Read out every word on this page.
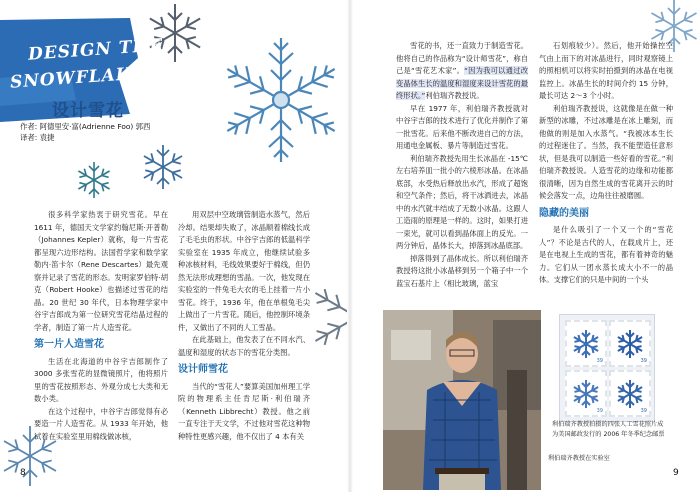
DESIGN THE
SNOWFLAKE
设计雪花
作者: 阿德里安·富(Adrienne Foo) 郭西
译者: 袁捷

很多科学家热衷于研究雪花。早在1611 年，德国天文学家约翰尼斯·开普勒（Johannes Kepler）就称，每一片雪花都呈现六边形结构。法国哲学家和数学家勒内·笛卡尔（Rene Descartes）最先观察并记录了雪花的形态。发明家罗伯特·胡克（Robert Hooke）也描述过雪花的结晶。20 世纪 30 年代，日本物理学家中谷宇吉郎成为第一位研究雪花结晶过程的学者，制造了第一片人造雪花。

第一片人造雪花

生活在北海道的中谷宇吉郎制作了3000 多张雪花的显微镜照片，他将照片里的雪花按照形态、外观分成七大类和无数小类。

在这个过程中，中谷宇吉郎觉得有必要造一片人造雪花。从 1933 年开始，他试着在实验室里用棉线做冰核，

用双层中空玻璃管制造水蒸气，然后冷却。结果却失败了，冰晶顺着棉线长成了毛毛虫的形状。中谷宇吉郎的低温科学实验室在 1935 年成立，他继续试验多种冰核材料，毛线效果要好于棉线，但仍然无法形成理想的雪晶。一次，他发现在实验室的一件兔毛大衣的毛上挂着一片小雪花。终于，1936 年，他在单根兔毛尖上做出了一片雪花。随后，他控制环境条件，又做出了不同的人工雪晶。

在此基础上，他发表了在不同水汽、温度和湿度的状态下的雪花分类图。

设计师雪花

当代的“雪花人”要算美国加州理工学院的物理系主任肯尼斯·利伯瑞齐（Kenneth Libbrecht）教授。他之前一直专注于天文学，不过他对雪花这种物种特性更感兴趣，他不仅出了 4 本有关

8

雪花的书，还一直致力于制造雪花。他将自己的作品称为“设计师雪花”，称自己是“雪花艺术家”。“因为我可以通过改变晶体生长的温度和湿度来设计雪花的最终形状。”利伯瑞齐教授说。

早在 1977 年，利伯瑞齐教授就对中谷宇吉郎的技术进行了优化并制作了第一批雪花。后来他不断改进自己的方法，用通电金属板、暴片等制造过雪花。

利伯瑞齐教授先用生长冰晶在 -15℃左右培养皿一批小的六棱形冰晶。在冰晶底部，水受热后释放出水汽，形成了超饱和空气条件；然后，将干冰洒进去，冰晶中的水汽就丰结成了无数小冰晶。这跟人工造雨的原理是一样的。这时，如果打进一束光，就可以看到晶体面上的反光。一两分钟后，晶体长大，掉落到冰晶底部。

掉落得到了晶体成长。所以利伯瑞齐教授将这批小冰晶移到另一个箱子中一个蓝宝石基片上（相比玻璃，蓝宝

石划痕较少）。然后，他开始操控空气由上而下的对冰晶进行，同时观察镜上的照相机可以将实时拍摄到的冰晶在电视监控上。冰晶生长的时间介约 15 分钟，最长可达 2～3 个小时。

利伯瑞齐教授说，这就像是在做一种新型的冰雕，不过冰雕是在冰上雕刻，而他做的则是加入水蒸气。“我被冰本生长的过程迷住了。当然，我不能塑造任意形状，但是我可以制造一些好看的雪花。”利伯瑞齐教授说。人造雪花的边缘和功能都很清晰，因为自然生成的雪花离开云的时候会落发一点，边角往往被磨圆。

隐藏的美丽

是什么吸引了一个又一个的“雪花人”？不论是古代的人，在载成片上，还是在电视上生成的雪花，都有着神奇的魅力。它们从一团水蒸长成大小不一的晶体。支撑它们的只是中间的一个头

利伯瑞齐教授在实验室
39	39
39	39
利伯瑞齐教授拍摄的四张人工雪花照片成为美国邮政发行的 2006 年冬季纪念邮票
9
